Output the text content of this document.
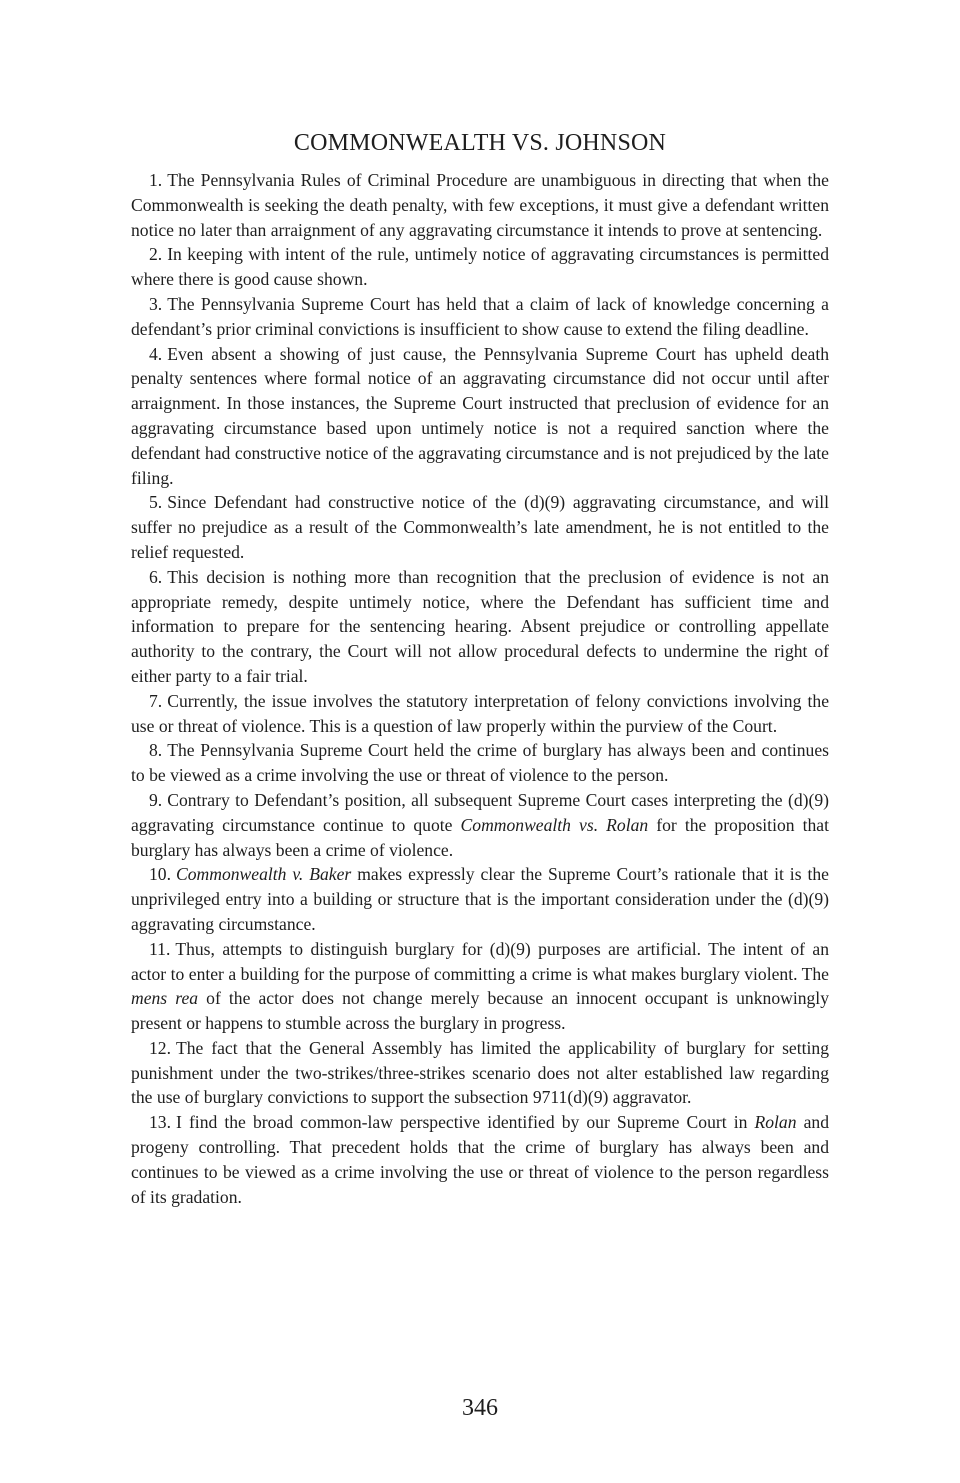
COMMONWEALTH VS. JOHNSON

1. The Pennsylvania Rules of Criminal Procedure are unambiguous in directing that when the Commonwealth is seeking the death penalty, with few exceptions, it must give a defendant written notice no later than arraignment of any aggravating circumstance it intends to prove at sentencing.

2. In keeping with intent of the rule, untimely notice of aggravating circumstances is permitted where there is good cause shown.

3. The Pennsylvania Supreme Court has held that a claim of lack of knowledge concerning a defendant’s prior criminal convictions is insufficient to show cause to extend the filing deadline.

4. Even absent a showing of just cause, the Pennsylvania Supreme Court has upheld death penalty sentences where formal notice of an aggravating circumstance did not occur until after arraignment. In those instances, the Supreme Court instructed that preclusion of evidence for an aggravating circumstance based upon untimely notice is not a required sanction where the defendant had constructive notice of the aggravating circumstance and is not prejudiced by the late filing.

5. Since Defendant had constructive notice of the (d)(9) aggravating circumstance, and will suffer no prejudice as a result of the Commonwealth’s late amendment, he is not entitled to the relief requested.

6. This decision is nothing more than recognition that the preclusion of evidence is not an appropriate remedy, despite untimely notice, where the Defendant has sufficient time and information to prepare for the sentencing hearing. Absent prejudice or controlling appellate authority to the contrary, the Court will not allow procedural defects to undermine the right of either party to a fair trial.

7. Currently, the issue involves the statutory interpretation of felony convictions involving the use or threat of violence. This is a question of law properly within the purview of the Court.

8. The Pennsylvania Supreme Court held the crime of burglary has always been and continues to be viewed as a crime involving the use or threat of violence to the person.

9. Contrary to Defendant’s position, all subsequent Supreme Court cases interpreting the (d)(9) aggravating circumstance continue to quote Commonwealth vs. Rolan for the proposition that burglary has always been a crime of violence.

10. Commonwealth v. Baker makes expressly clear the Supreme Court’s rationale that it is the unprivileged entry into a building or structure that is the important consideration under the (d)(9) aggravating circumstance.

11. Thus, attempts to distinguish burglary for (d)(9) purposes are artificial. The intent of an actor to enter a building for the purpose of committing a crime is what makes burglary violent. The mens rea of the actor does not change merely because an innocent occupant is unknowingly present or happens to stumble across the burglary in progress.

12. The fact that the General Assembly has limited the applicability of burglary for setting punishment under the two-strikes/three-strikes scenario does not alter established law regarding the use of burglary convictions to support the subsection 9711(d)(9) aggravator.

13. I find the broad common-law perspective identified by our Supreme Court in Rolan and progeny controlling. That precedent holds that the crime of burglary has always been and continues to be viewed as a crime involving the use or threat of violence to the person regardless of its gradation.

346
